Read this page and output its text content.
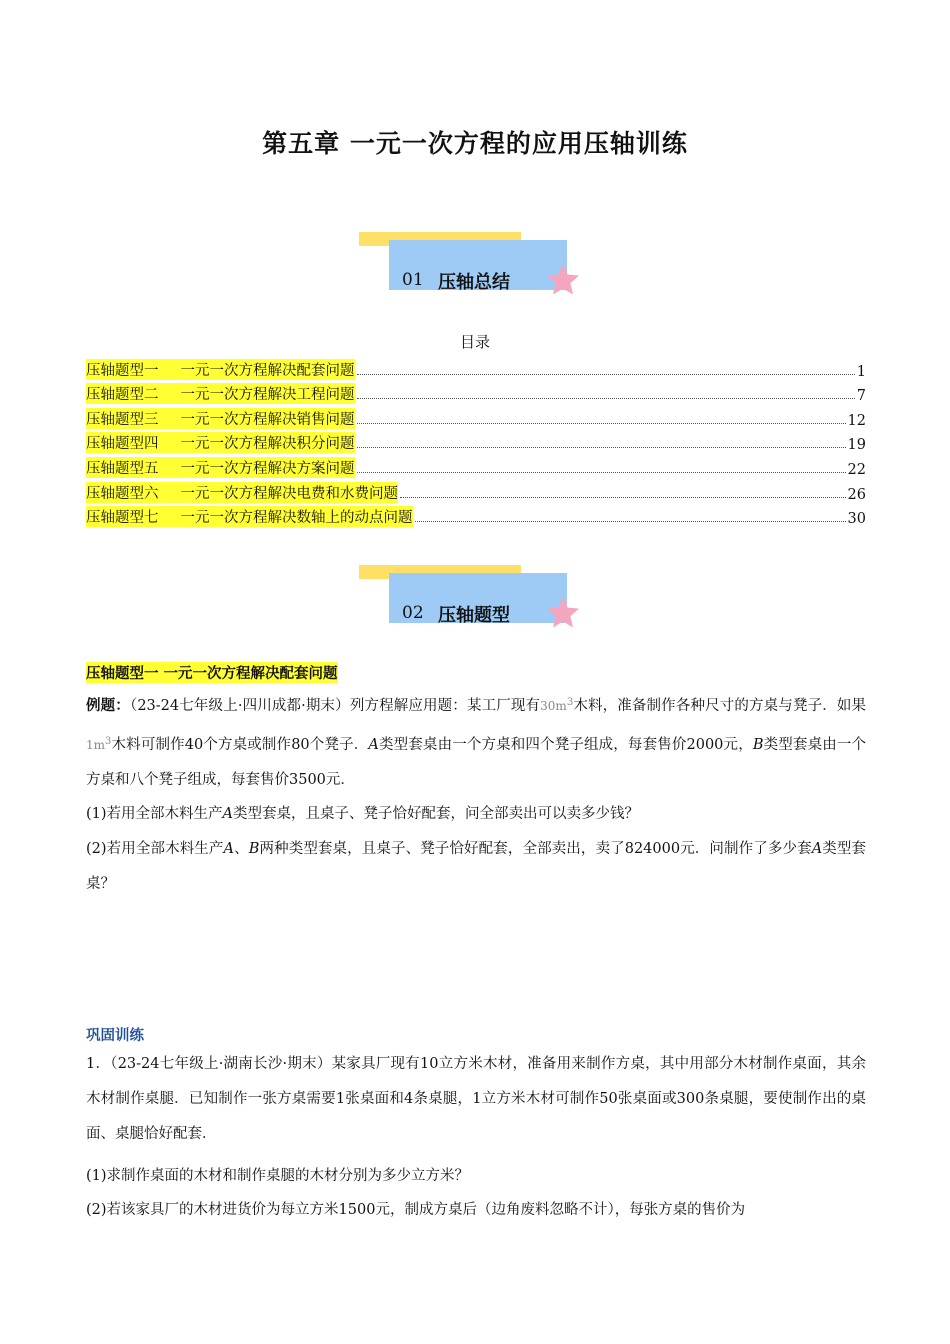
第五章 一元一次方程的应用压轴训练
01 压轴总结
目录
压轴题型一 一元一次方程解决配套问题	1
压轴题型二 一元一次方程解决工程问题	7
压轴题型三 一元一次方程解决销售问题	12
压轴题型四 一元一次方程解决积分问题	19
压轴题型五 一元一次方程解决方案问题	22
压轴题型六 一元一次方程解决电费和水费问题	26
压轴题型七 一元一次方程解决数轴上的动点问题	30
02 压轴题型
压轴题型一 一元一次方程解决配套问题
例题：（23-24七年级上·四川成都·期末）列方程解应用题：某工厂现有$30m^3$木料，准备制作各种尺寸的方桌与凳子．如果$1m^3$木料可制作40个方桌或制作80个凳子．A类型套桌由一个方桌和四个凳子组成，每套售价2000元，B类型套桌由一个方桌和八个凳子组成，每套售价3500元．
(1)若用全部木料生产A类型套桌，且桌子、凳子恰好配套，问全部卖出可以卖多少钱？
(2)若用全部木料生产A、B两种类型套桌，且桌子、凳子恰好配套，全部卖出，卖了824000元．问制作了多少套A类型套桌？
巩固训练
1．（23-24七年级上·湖南长沙·期末）某家具厂现有10立方米木材，准备用来制作方桌，其中用部分木材制作桌面，其余木材制作桌腿．已知制作一张方桌需要1张桌面和4条桌腿，1立方米木材可制作50张桌面或300条桌腿，要使制作出的桌面、桌腿恰好配套．
(1)求制作桌面的木材和制作桌腿的木材分别为多少立方米？
(2)若该家具厂的木材进货价为每立方米1500元，制成方桌后（边角废料忽略不计），每张方桌的售价为
